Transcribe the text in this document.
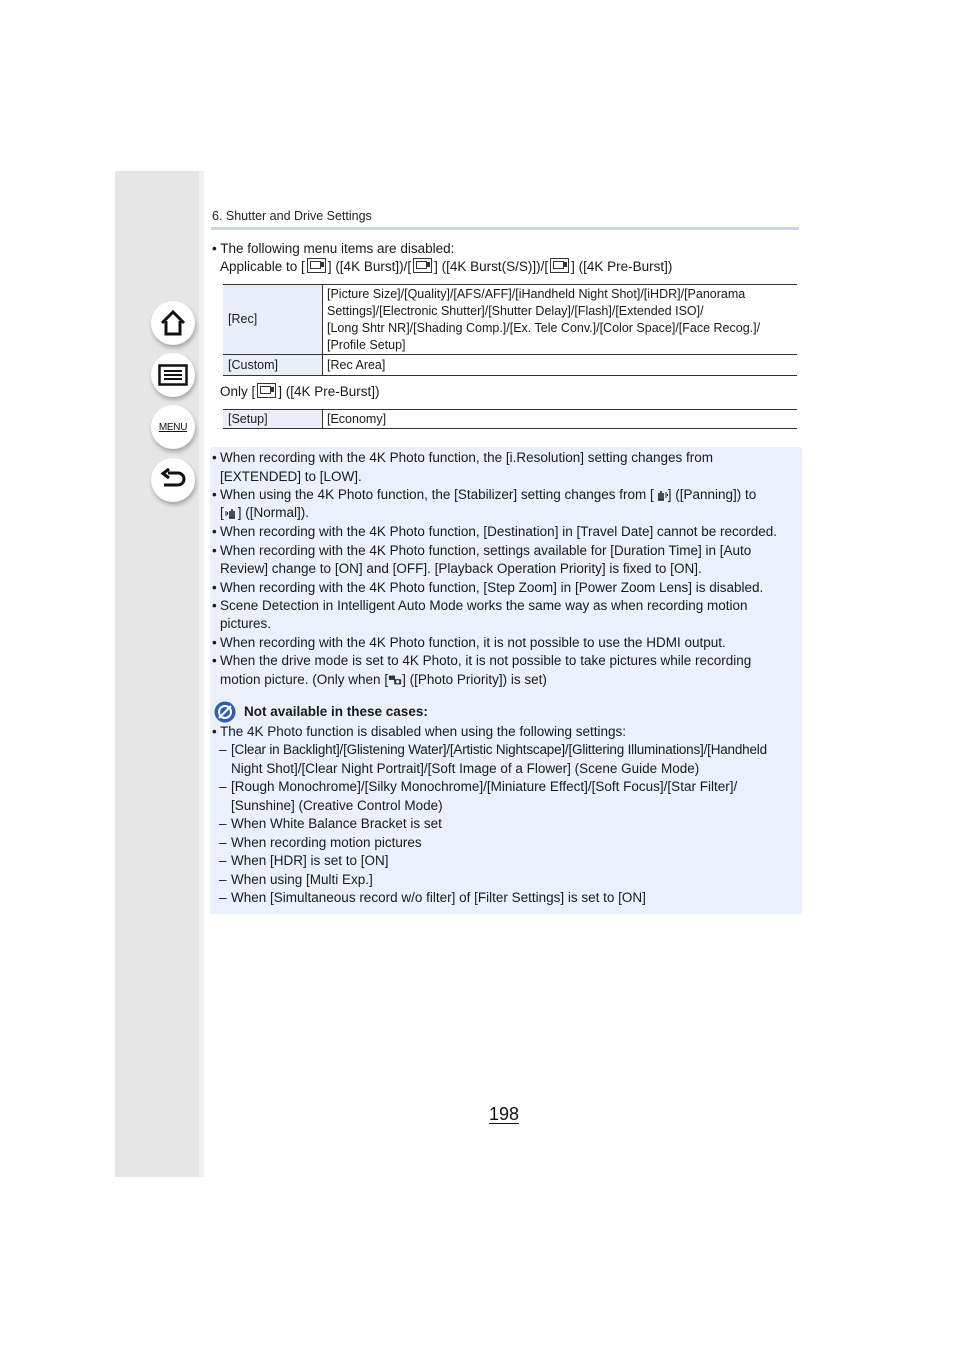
MENU
6. Shutter and Drive Settings
• The following menu items are disabled:
Applicable to [ ] ([4K Burst])/[ ] ([4K Burst(S/S)])/[ ] ([4K Pre-Burst])
[Rec]	[Picture Size]/[Quality]/[AFS/AFF]/[iHandheld Night Shot]/[iHDR]/[Panorama
Settings]/[Electronic Shutter]/[Shutter Delay]/[Flash]/[Extended ISO]/
[Long Shtr NR]/[Shading Comp.]/[Ex. Tele Conv.]/[Color Space]/[Face Recog.]/
[Profile Setup]

[Custom]	[Rec Area]
Only [ ] ([4K Pre-Burst])
[Setup]	[Economy]
• When recording with the 4K Photo function, the [i.Resolution] setting changes from
[EXTENDED] to [LOW].
• When using the 4K Photo function, the [Stabilizer] setting changes from [ ] ([Panning]) to
[ ] ([Normal]).
• When recording with the 4K Photo function, [Destination] in [Travel Date] cannot be recorded.
• When recording with the 4K Photo function, settings available for [Duration Time] in [Auto
Review] change to [ON] and [OFF]. [Playback Operation Priority] is fixed to [ON].
• When recording with the 4K Photo function, [Step Zoom] in [Power Zoom Lens] is disabled.
• Scene Detection in Intelligent Auto Mode works the same way as when recording motion
pictures.
• When recording with the 4K Photo function, it is not possible to use the HDMI output.
• When the drive mode is set to 4K Photo, it is not possible to take pictures while recording
motion picture. (Only when [ ] ([Photo Priority]) is set)
Not available in these cases:
• The 4K Photo function is disabled when using the following settings:
– [Clear in Backlight]/[Glistening Water]/[Artistic Nightscape]/[Glittering Illuminations]/[Handheld
Night Shot]/[Clear Night Portrait]/[Soft Image of a Flower] (Scene Guide Mode)
– [Rough Monochrome]/[Silky Monochrome]/[Miniature Effect]/[Soft Focus]/[Star Filter]/
[Sunshine] (Creative Control Mode)
– When White Balance Bracket is set
– When recording motion pictures
– When [HDR] is set to [ON]
– When using [Multi Exp.]
– When [Simultaneous record w/o filter] of [Filter Settings] is set to [ON]
198
